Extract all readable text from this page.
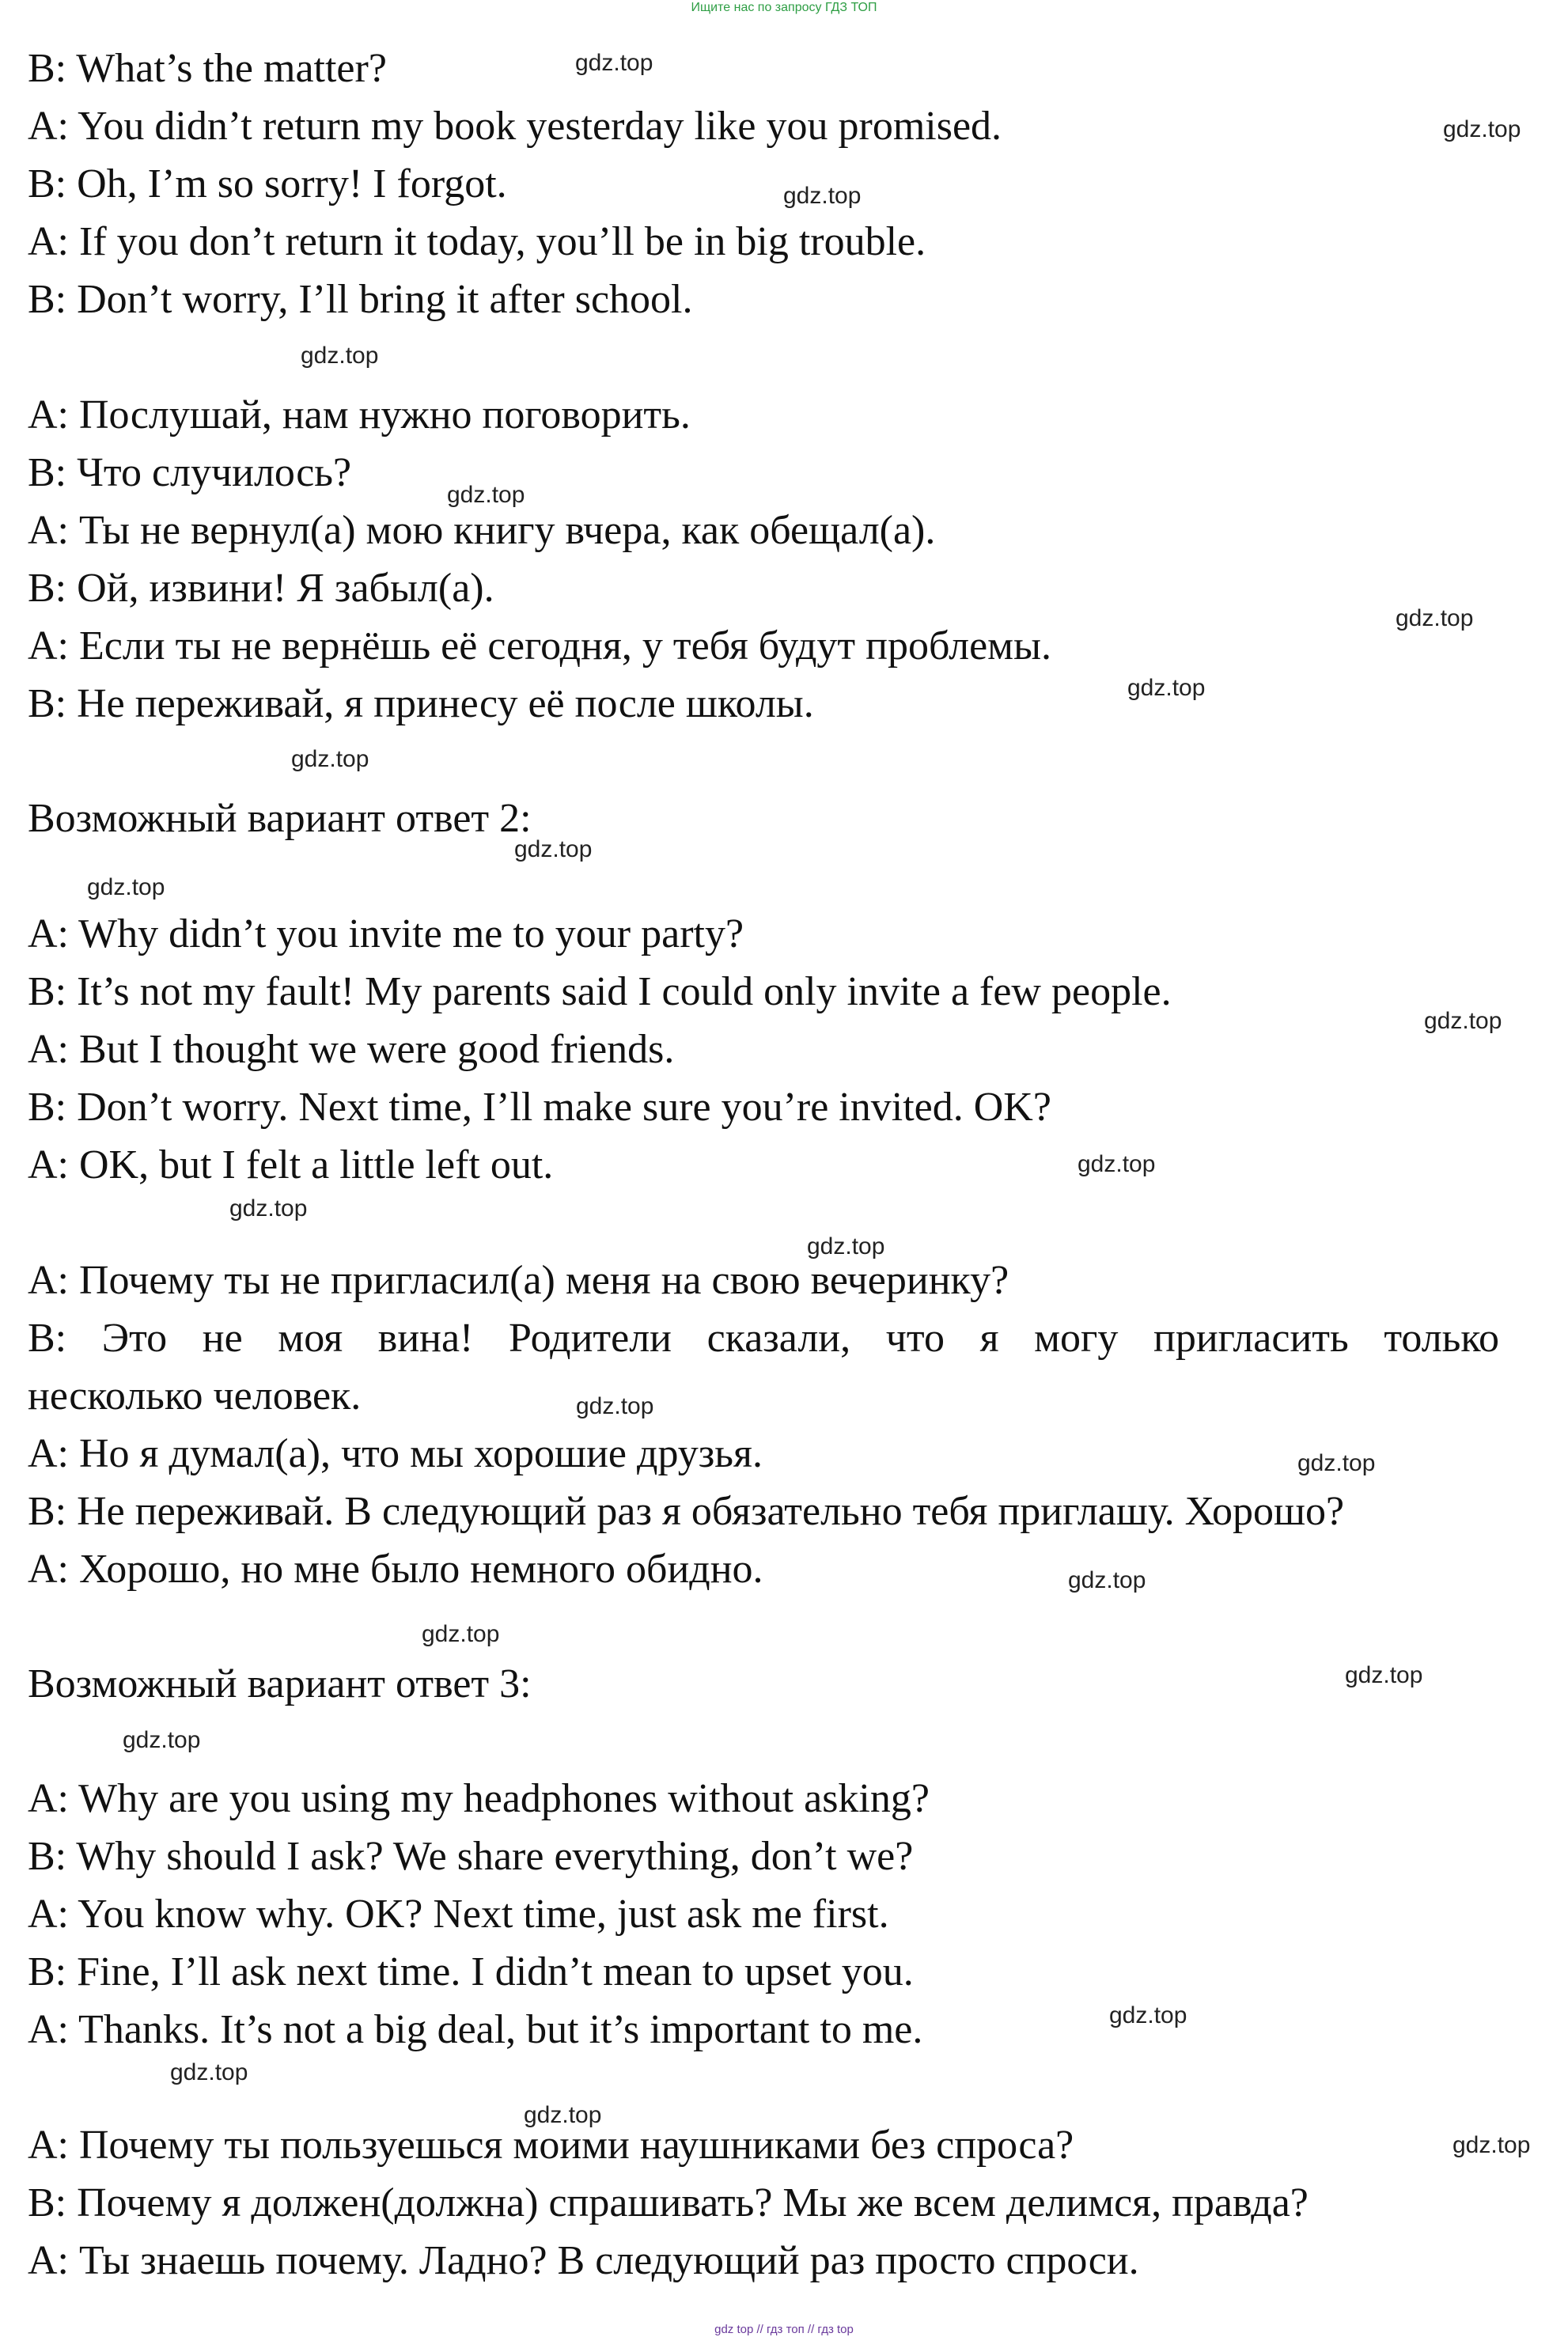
Ищите нас по запросу ГДЗ ТОП
B: What’s the matter?
A: You didn’t return my book yesterday like you promised.
B: Oh, I’m so sorry! I forgot.
A: If you don’t return it today, you’ll be in big trouble.
B: Don’t worry, I’ll bring it after school.
A: Послушай, нам нужно поговорить.
B: Что случилось?
A: Ты не вернул(а) мою книгу вчера, как обещал(а).
B: Ой, извини! Я забыл(а).
A: Если ты не вернёшь её сегодня, у тебя будут проблемы.
B: Не переживай, я принесу её после школы.
Возможный вариант ответ 2:
A: Why didn’t you invite me to your party?
B: It’s not my fault! My parents said I could only invite a few people.
A: But I thought we were good friends.
B: Don’t worry. Next time, I’ll make sure you’re invited. OK?
A: OK, but I felt a little left out.
A: Почему ты не пригласил(а) меня на свою вечеринку?
B: Это не моя вина! Родители сказали, что я могу пригласить только
несколько человек.
A: Но я думал(а), что мы хорошие друзья.
B: Не переживай. В следующий раз я обязательно тебя приглашу. Хорошо?
A: Хорошо, но мне было немного обидно.
Возможный вариант ответ 3:
A: Why are you using my headphones without asking?
B: Why should I ask? We share everything, don’t we?
A: You know why. OK? Next time, just ask me first.
B: Fine, I’ll ask next time. I didn’t mean to upset you.
A: Thanks. It’s not a big deal, but it’s important to me.
A: Почему ты пользуешься моими наушниками без спроса?
B: Почему я должен(должна) спрашивать? Мы же всем делимся, правда?
A: Ты знаешь почему. Ладно? В следующий раз просто спроси.
gdz.top
gdz.top
gdz.top
gdz.top
gdz.top
gdz.top
gdz.top
gdz.top
gdz.top
gdz.top
gdz.top
gdz.top
gdz.top
gdz.top
gdz.top
gdz.top
gdz.top
gdz.top
gdz.top
gdz.top
gdz.top
gdz.top
gdz.top
gdz.top
gdz top // гдз топ // гдз top
